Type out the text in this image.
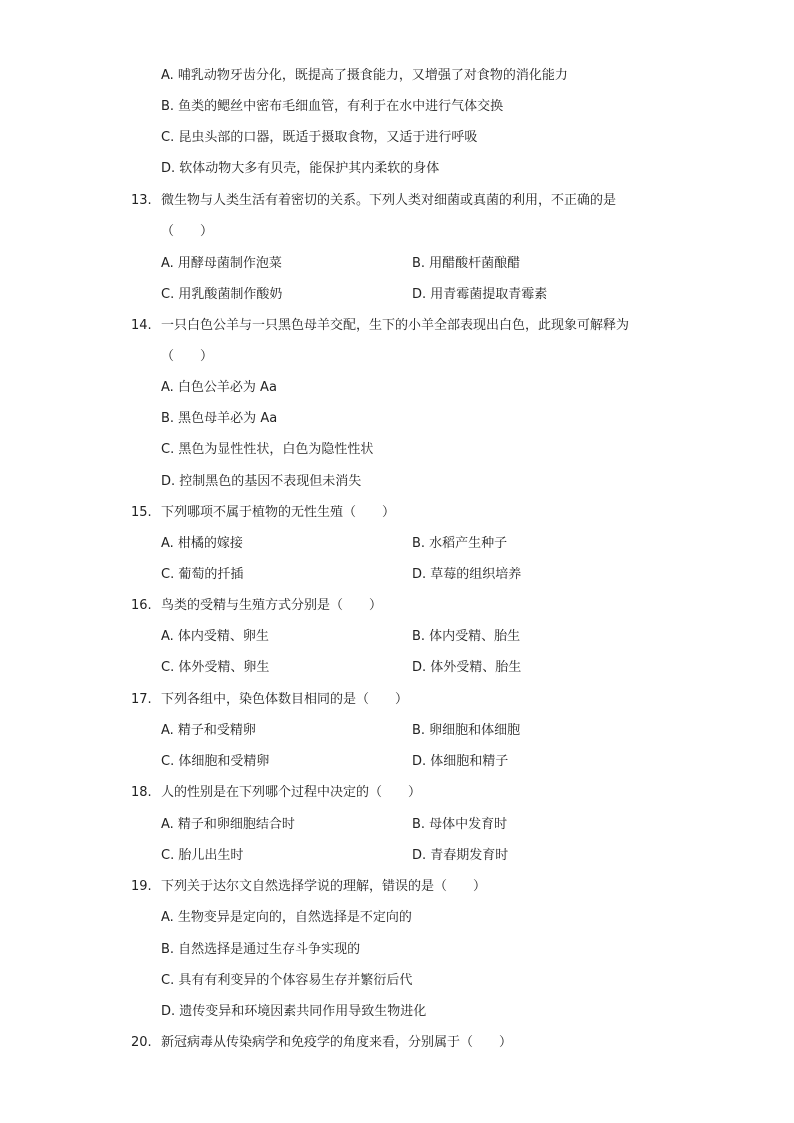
A. 哺乳动物牙齿分化，既提高了摄食能力，又增强了对食物的消化能力
B. 鱼类的鳃丝中密布毛细血管，有利于在水中进行气体交换
C. 昆虫头部的口器，既适于摄取食物，又适于进行呼吸
D. 软体动物大多有贝壳，能保护其内柔软的身体
13. 微生物与人类生活有着密切的关系。下列人类对细菌或真菌的利用，不正确的是
（　　）
A. 用酵母菌制作泡菜	B. 用醋酸杆菌酿醋
C. 用乳酸菌制作酸奶	D. 用青霉菌提取青霉素
14. 一只白色公羊与一只黑色母羊交配，生下的小羊全部表现出白色，此现象可解释为
（　　）
A. 白色公羊必为 Aa
B. 黑色母羊必为 Aa
C. 黑色为显性性状，白色为隐性性状
D. 控制黑色的基因不表现但未消失
15. 下列哪项不属于植物的无性生殖（　　）
A. 柑橘的嫁接	B. 水稻产生种子
C. 葡萄的扦插	D. 草莓的组织培养
16. 鸟类的受精与生殖方式分别是（　　）
A. 体内受精、卵生	B. 体内受精、胎生
C. 体外受精、卵生	D. 体外受精、胎生
17. 下列各组中，染色体数目相同的是（　　）
A. 精子和受精卵	B. 卵细胞和体细胞
C. 体细胞和受精卵	D. 体细胞和精子
18. 人的性别是在下列哪个过程中决定的（　　）
A. 精子和卵细胞结合时	B. 母体中发育时
C. 胎儿出生时	D. 青春期发育时
19. 下列关于达尔文自然选择学说的理解，错误的是（　　）
A. 生物变异是定向的，自然选择是不定向的
B. 自然选择是通过生存斗争实现的
C. 具有有利变异的个体容易生存并繁衍后代
D. 遗传变异和环境因素共同作用导致生物进化
20. 新冠病毒从传染病学和免疫学的角度来看，分别属于（　　）
